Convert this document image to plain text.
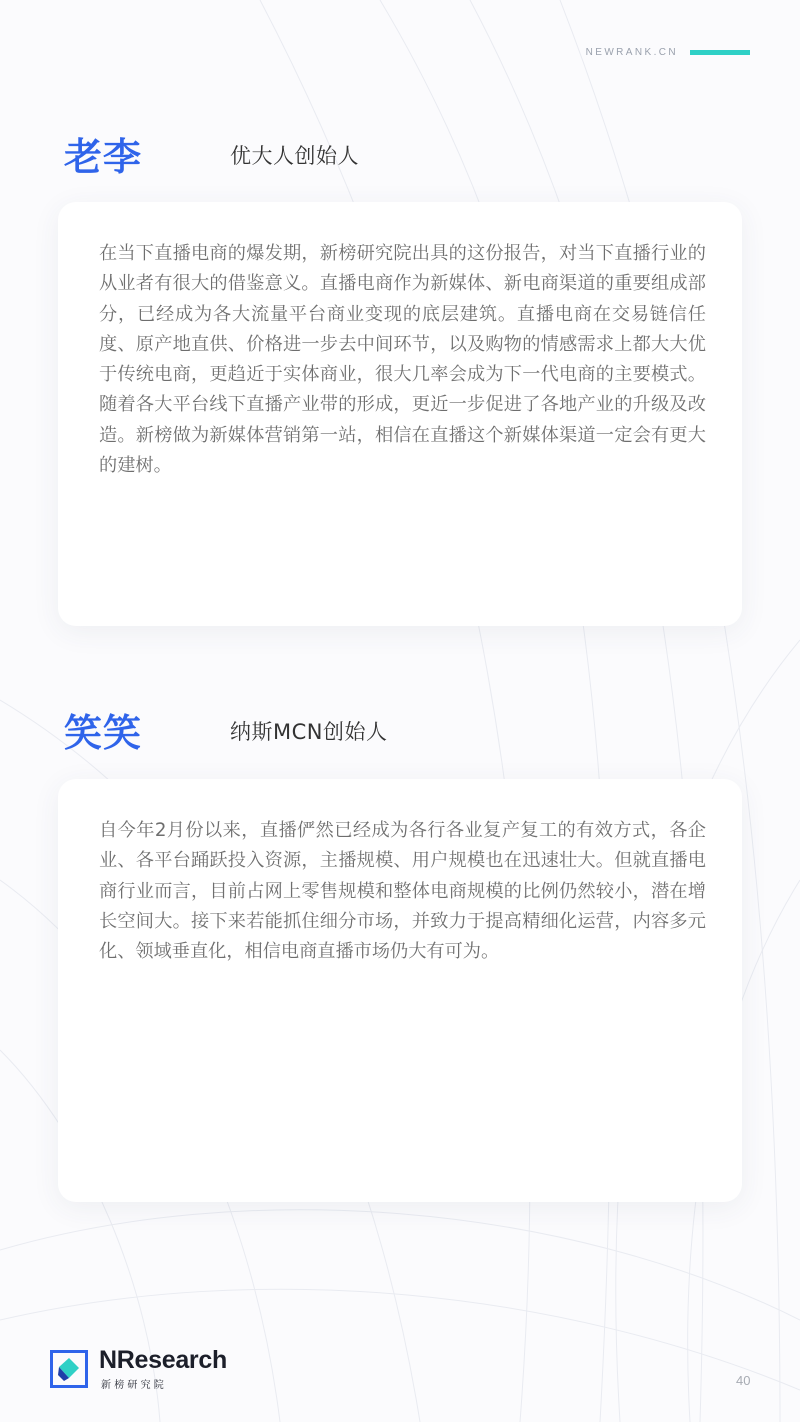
NEWRANK.CN
老李	优大人创始人

在当下直播电商的爆发期，新榜研究院出具的这份报告，对当下直播行业的从业者有很大的借鉴意义。直播电商作为新媒体、新电商渠道的重要组成部分，已经成为各大流量平台商业变现的底层建筑。直播电商在交易链信任度、原产地直供、价格进一步去中间环节，以及购物的情感需求上都大大优于传统电商，更趋近于实体商业，很大几率会成为下一代电商的主要模式。随着各大平台线下直播产业带的形成，更近一步促进了各地产业的升级及改造。新榜做为新媒体营销第一站，相信在直播这个新媒体渠道一定会有更大的建树。

笑笑	纳斯MCN创始人

自今年2月份以来，直播俨然已经成为各行各业复产复工的有效方式，各企业、各平台踊跃投入资源，主播规模、用户规模也在迅速壮大。但就直播电商行业而言，目前占网上零售规模和整体电商规模的比例仍然较小，潜在增长空间大。接下来若能抓住细分市场，并致力于提高精细化运营，内容多元化、领域垂直化，相信电商直播市场仍大有可为。

NResearch
新榜研究院	40
